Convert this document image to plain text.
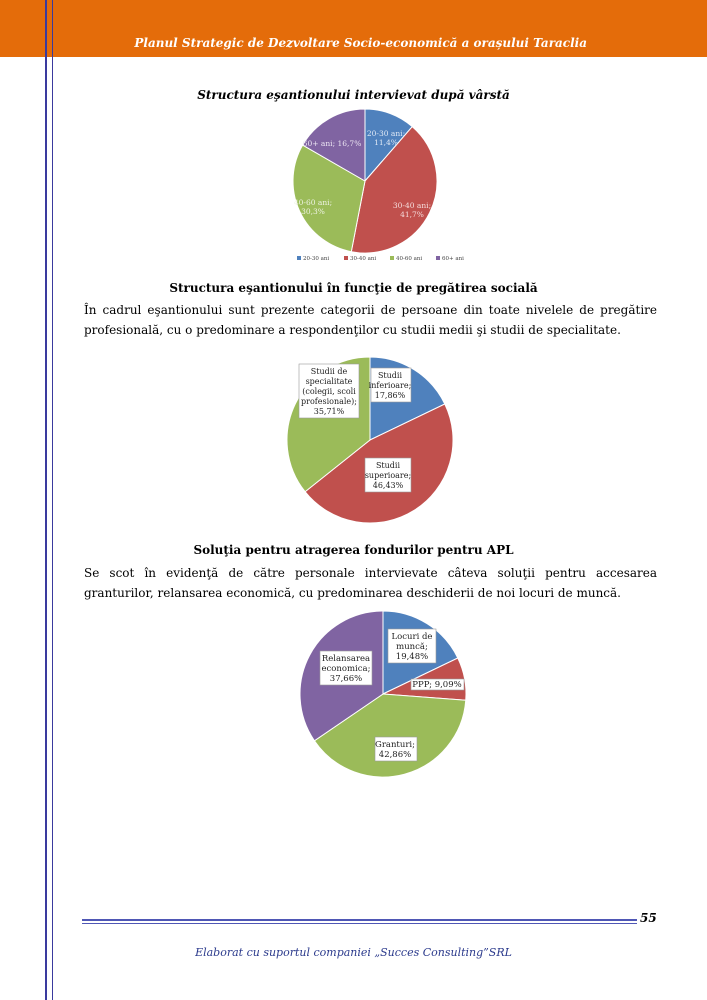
Planul Strategic de Dezvoltare Socio-economică a orașului Taraclia
Structura eşantionului intervievat după vârstă
20-30 ani; 11,4%
30-40 ani; 41,7%
40-60 ani; 30,3%
60+ ani; 16,7%
20-30 ani	30-40 ani	40-60 ani	60+ ani
Structura eşantionului în funcţie de pregătirea socială

În cadrul eşantionului sunt prezente categorii de persoane din toate nivelele de pregătire profesională, cu o predominare a respondenţilor cu studii medii şi studii de specialitate.

Studii inferioare; 17,86%
Studii superioare; 46,43%
Studii de specialitate (colegii, scoli profesionale); 35,71%
Soluţia pentru atragerea fondurilor pentru APL

Se scot în evidenţă de către personale intervievate câteva soluţii pentru accesarea granturilor, relansarea economică, cu predominarea deschiderii de noi locuri de muncă.

Locuri de muncă; 19,48%
PPP; 9,09%
Granturi; 42,86%
Relansarea economica; 37,66%
55
Elaborat cu suportul companiei „Succes Consulting”SRL
